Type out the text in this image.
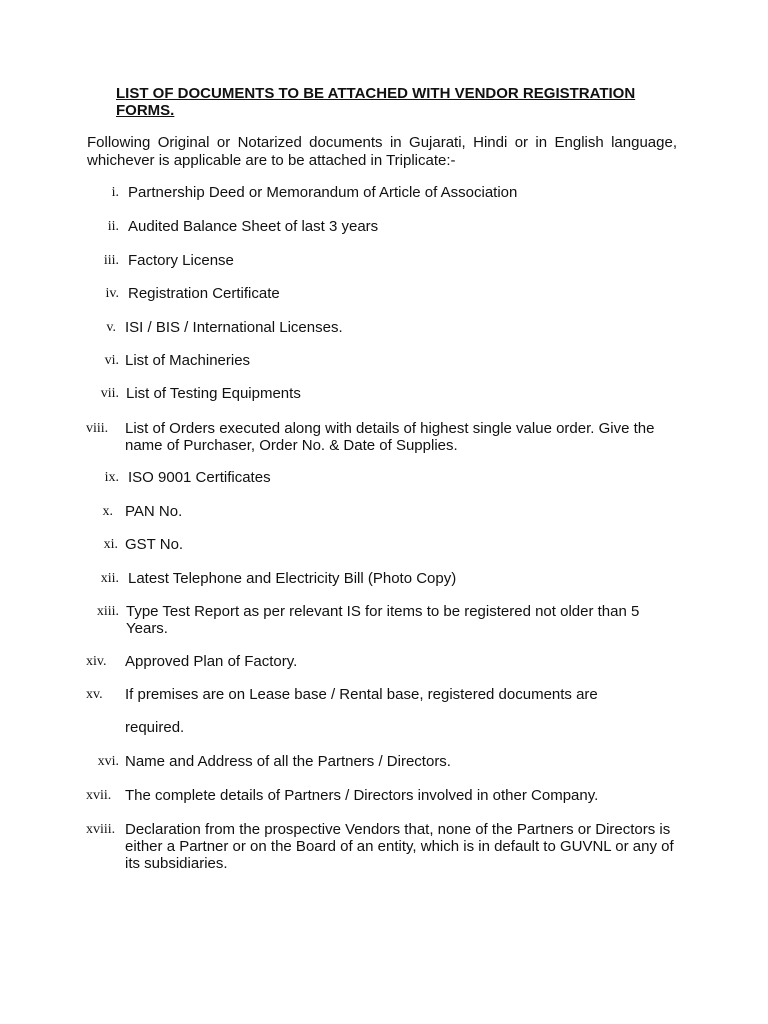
LIST OF DOCUMENTS TO BE ATTACHED WITH VENDOR REGISTRATION FORMS.

Following Original or Notarized documents in Gujarati, Hindi or in English language, whichever is applicable are to be attached in Triplicate:-

i. Partnership Deed or Memorandum of Article of Association

ii. Audited Balance Sheet of last 3 years

iii. Factory License

iv. Registration Certificate

v. ISI / BIS / International Licenses.

vi. List of Machineries

vii. List of Testing Equipments

viii.	List of Orders executed along with details of highest single value order. Give the name of Purchaser, Order No. & Date of Supplies.

ix. ISO 9001 Certificates

x. PAN No.

xi. GST No.

xii. Latest Telephone and Electricity Bill (Photo Copy)

xiii. Type Test Report as per relevant IS for items to be registered not older than 5 Years.

xiv.	Approved Plan of Factory.

xv.	If premises are on Lease base / Rental base, registered documents are

required.

xvi. Name and Address of all the Partners / Directors.

xvii. The complete details of Partners / Directors involved in other Company.

xviii. Declaration from the prospective Vendors that, none of the Partners or Directors is either a Partner or on the Board of an entity, which is in default to GUVNL or any of its subsidiaries.
